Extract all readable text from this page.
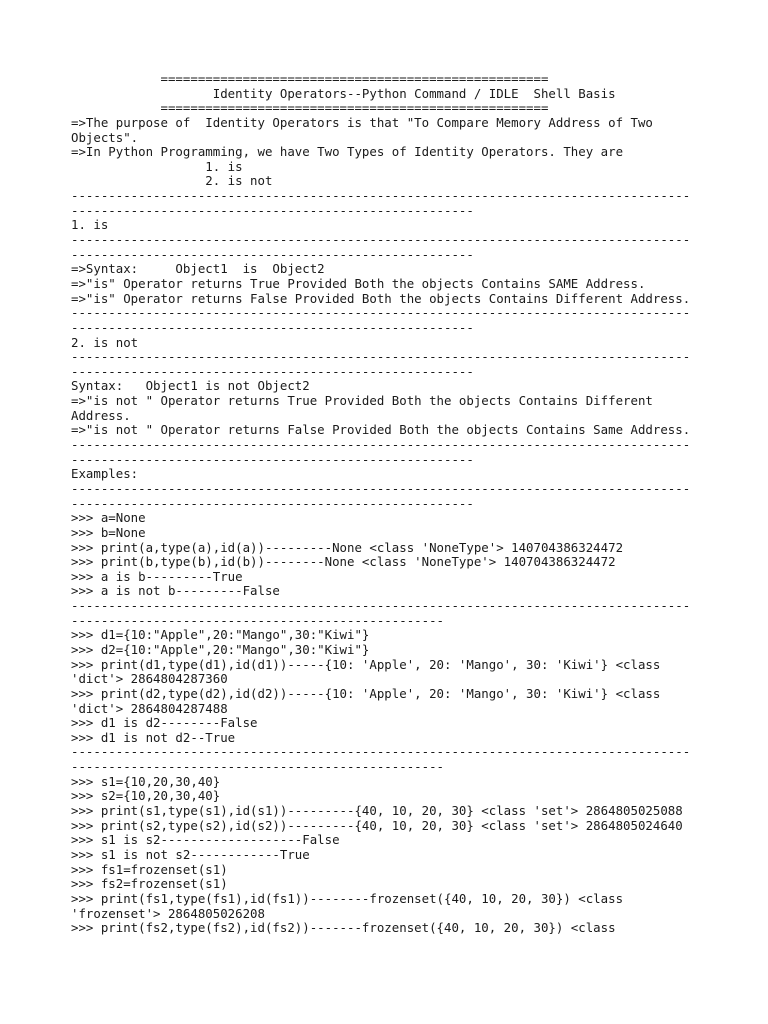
====================================================
Identity Operators--Python Command / IDLE  Shell Basis
====================================================
=>The purpose of  Identity Operators is that "To Compare Memory Address of Two
Objects".
=>In Python Programming, we have Two Types of Identity Operators. They are
1. is
2. is not
-----------------------------------------------------------------------------------
------------------------------------------------------
1. is
-----------------------------------------------------------------------------------
------------------------------------------------------
=>Syntax:     Object1  is  Object2
=>"is" Operator returns True Provided Both the objects Contains SAME Address.
=>"is" Operator returns False Provided Both the objects Contains Different Address.
-----------------------------------------------------------------------------------
------------------------------------------------------
2. is not
-----------------------------------------------------------------------------------
------------------------------------------------------
Syntax:   Object1 is not Object2
=>"is not " Operator returns True Provided Both the objects Contains Different
Address.
=>"is not " Operator returns False Provided Both the objects Contains Same Address.
-----------------------------------------------------------------------------------
------------------------------------------------------
Examples:
-----------------------------------------------------------------------------------
------------------------------------------------------
>>> a=None
>>> b=None
>>> print(a,type(a),id(a))---------None <class 'NoneType'> 140704386324472
>>> print(b,type(b),id(b))--------None <class 'NoneType'> 140704386324472
>>> a is b---------True
>>> a is not b---------False
-----------------------------------------------------------------------------------
--------------------------------------------------
>>> d1={10:"Apple",20:"Mango",30:"Kiwi"}
>>> d2={10:"Apple",20:"Mango",30:"Kiwi"}
>>> print(d1,type(d1),id(d1))-----{10: 'Apple', 20: 'Mango', 30: 'Kiwi'} <class
'dict'> 2864804287360
>>> print(d2,type(d2),id(d2))-----{10: 'Apple', 20: 'Mango', 30: 'Kiwi'} <class
'dict'> 2864804287488
>>> d1 is d2--------False
>>> d1 is not d2--True
-----------------------------------------------------------------------------------
--------------------------------------------------
>>> s1={10,20,30,40}
>>> s2={10,20,30,40}
>>> print(s1,type(s1),id(s1))---------{40, 10, 20, 30} <class 'set'> 2864805025088
>>> print(s2,type(s2),id(s2))---------{40, 10, 20, 30} <class 'set'> 2864805024640
>>> s1 is s2-------------------False
>>> s1 is not s2------------True
>>> fs1=frozenset(s1)
>>> fs2=frozenset(s1)
>>> print(fs1,type(fs1),id(fs1))--------frozenset({40, 10, 20, 30}) <class
'frozenset'> 2864805026208
>>> print(fs2,type(fs2),id(fs2))-------frozenset({40, 10, 20, 30}) <class
